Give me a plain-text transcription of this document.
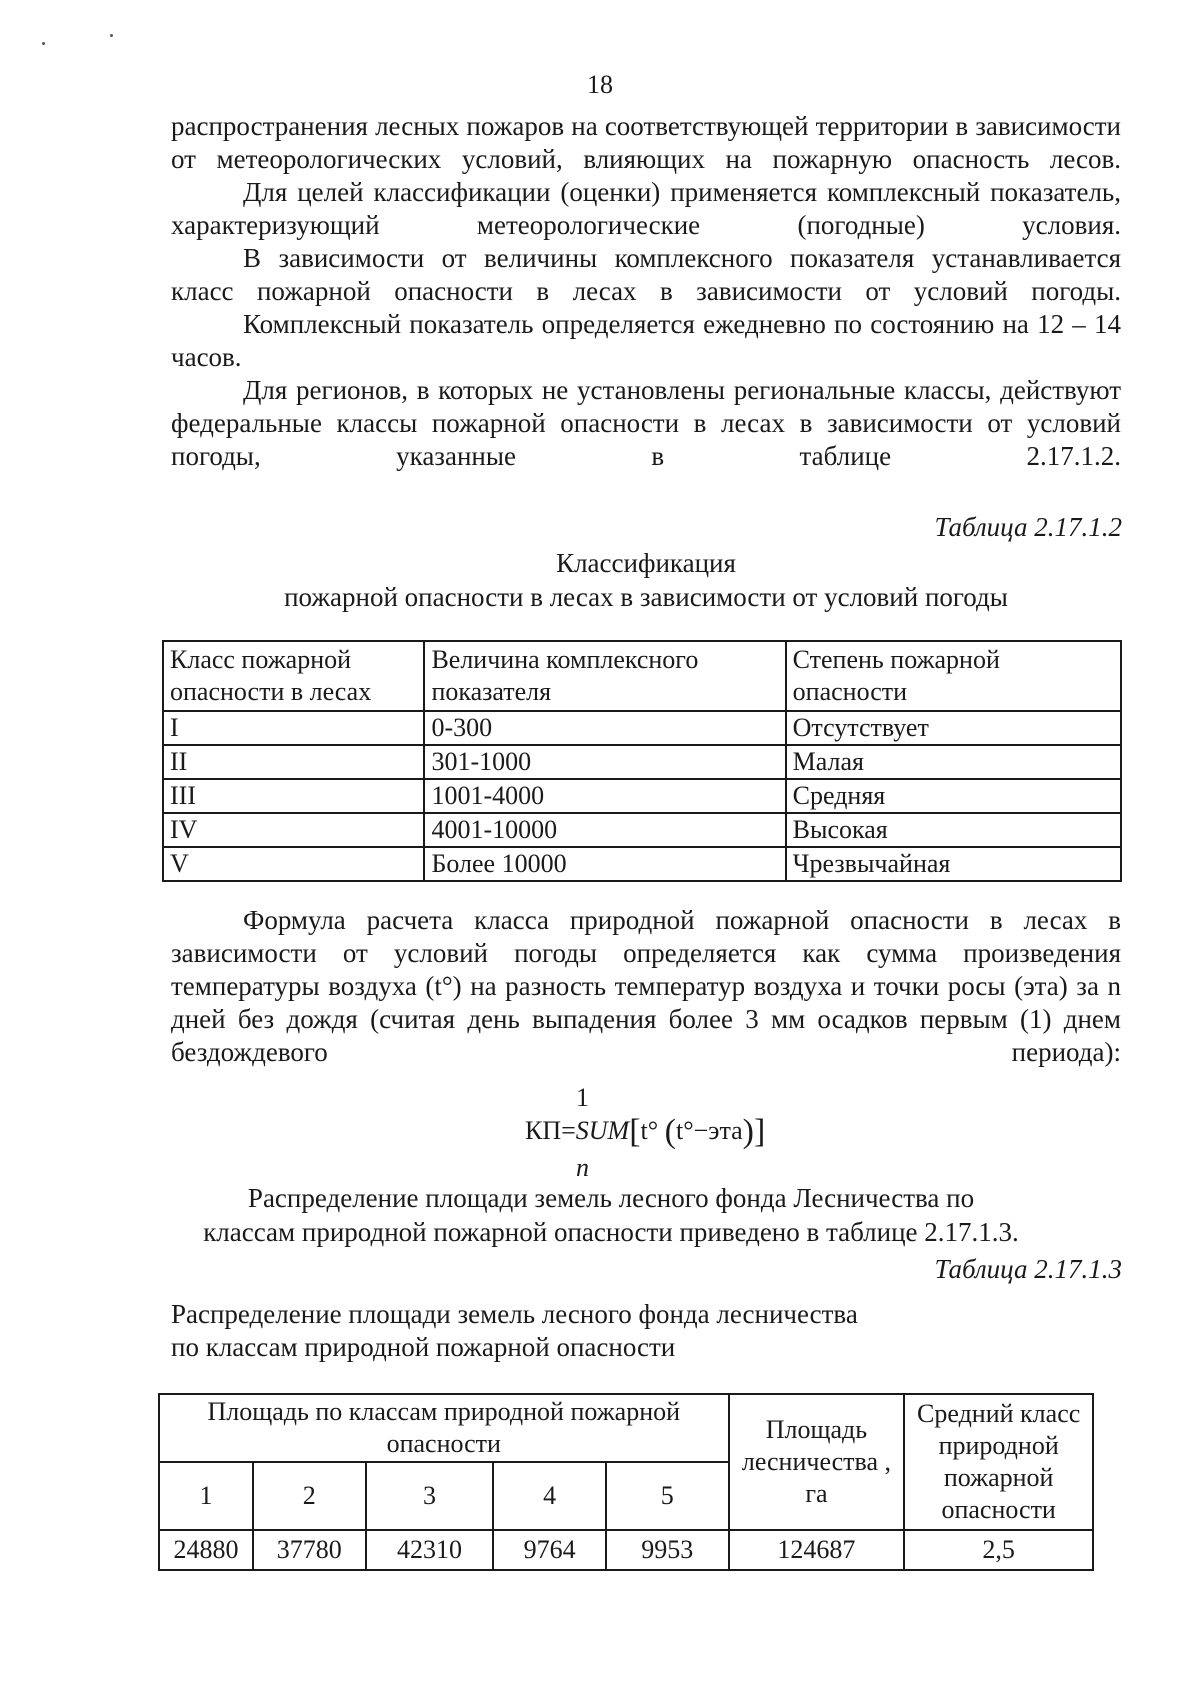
18

распространения лесных пожаров на соответствующей территории в зависимости от метеорологических условий, влияющих на пожарную опасность лесов.

Для целей классификации (оценки) применяется комплексный показатель, характеризующий метеорологические (погодные) условия.

В зависимости от величины комплексного показателя устанавливается класс пожарной опасности в лесах в зависимости от условий погоды.

Комплексный показатель определяется ежедневно по состоянию на 12 – 14 часов.

Для регионов, в которых не установлены региональные классы, действуют федеральные классы пожарной опасности в лесах в зависимости от условий погоды, указанные в таблице 2.17.1.2.

Таблица 2.17.1.2
Классификация
пожарной опасности в лесах в зависимости от условий погоды
Класс пожарной опасности в лесах	Величина комплексного показателя	Степень пожарной опасности
I	0-300	Отсутствует
II	301-1000	Малая
III	1001-4000	Средняя
IV	4001-10000	Высокая
V	Более 10000	Чрезвычайная

Формула расчета класса природной пожарной опасности в лесах в зависимости от условий погоды определяется как сумма произведения температуры воздуха (t°) на разность температур воздуха и точки росы (эта) за n дней без дождя (считая день выпадения более 3 мм осадков первым (1) днем бездождевого периода):

1
КП=SUM[t° (t°−эта)]
n
Распределение площади земель лесного фонда Лесничества по
классам природной пожарной опасности приведено в таблице 2.17.1.3.
Таблица 2.17.1.3

Распределение площади земель лесного фонда лесничества

по классам природной пожарной опасности

Площадь по классам природной пожарной опасности					Площадь лесничества , га	Средний класс природной пожарной опасности
1	2	3	4	5		
24880	37780	42310	9764	9953	124687	2,5
